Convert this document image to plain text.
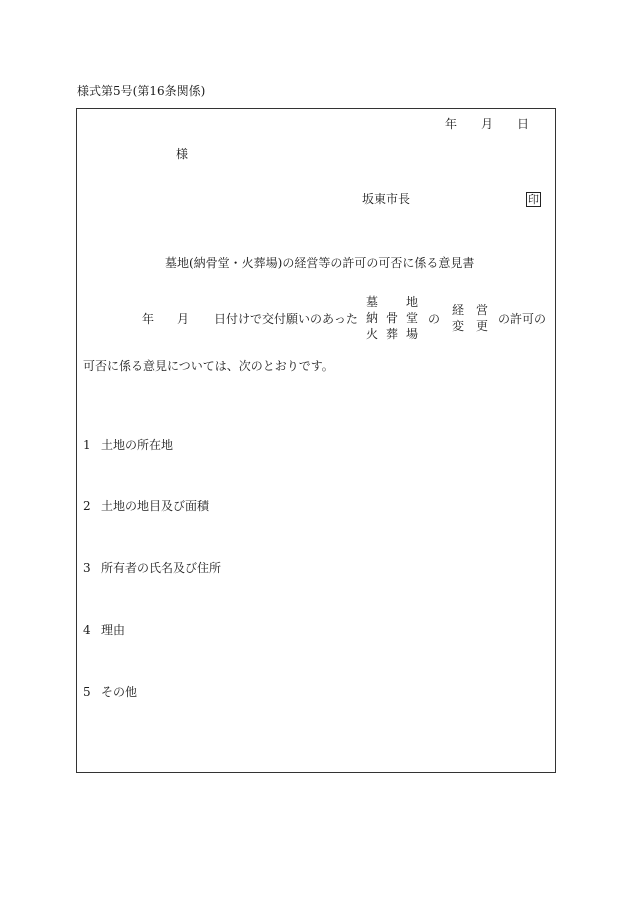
様式第5号(第16条関係)
年 月 日
様
坂東市長	印
墓地(納骨堂・火葬場)の経営等の許可の可否に係る意見書
年 月 日付けで交付願いのあった
墓　　地
納骨堂
火葬場
の
経　営
変　更 の許可の
可否に係る意見については、次のとおりです。
1 土地の所在地
2 土地の地目及び面積
3 所有者の氏名及び住所
4 理由
5 その他
